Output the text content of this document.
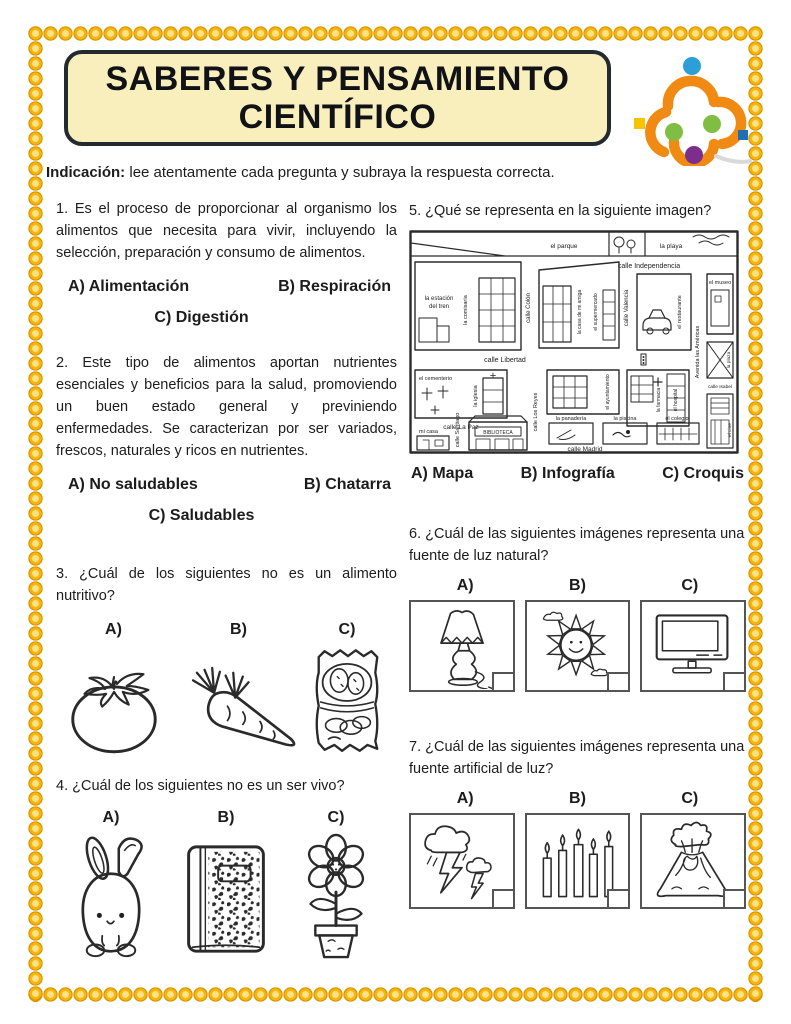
SABERES Y PENSAMIENTO
CIENTÍFICO

Indicación: lee atentamente cada pregunta y subraya la respuesta correcta.

1. Es el proceso de proporcionar al organismo los alimentos que necesita para vivir, incluyendo la selección, preparación y consumo de alimentos.

A) Alimentación	B) Respiración
C) Digestión

2. Este tipo de alimentos aportan nutrientes esenciales y beneficios para la salud, promoviendo un buen estado general y previniendo enfermedades. Se caracterizan por ser variados, frescos, naturales y ricos en nutrientes.

A) No saludables	B) Chatarra
C) Saludables

3. ¿Cuál de los siguientes no es un alimento nutritivo?

A)	B)	C)

4. ¿Cuál de los siguientes no es un ser vivo?

A)	B)	C)

5. ¿Qué se representa en la siguiente imagen?

el parque	la playa
calle Independencia
la estación
del tren	la comisaría	calle Colón	la casa de mi amiga el supermercado	calle Valencia	el restaurante
Avenida las Américas
el museo
calle Libertad
el cementerio
la iglesia
calle La Paz
mi casa	calle Santiago	BIBLIOTECA
calle Los Reyes
el ayuntamiento	la farmacia el hospital
la panadería	la piscina	el colegio
calle Madrid
la plaza
calle Isabel
el cine
A) Mapa	B) Infografía	C) Croquis

6. ¿Cuál de las siguientes imágenes representa una fuente de luz natural?

A)	B)	C)

7. ¿Cuál de las siguientes imágenes representa una fuente artificial de luz?

A)	B)	C)
